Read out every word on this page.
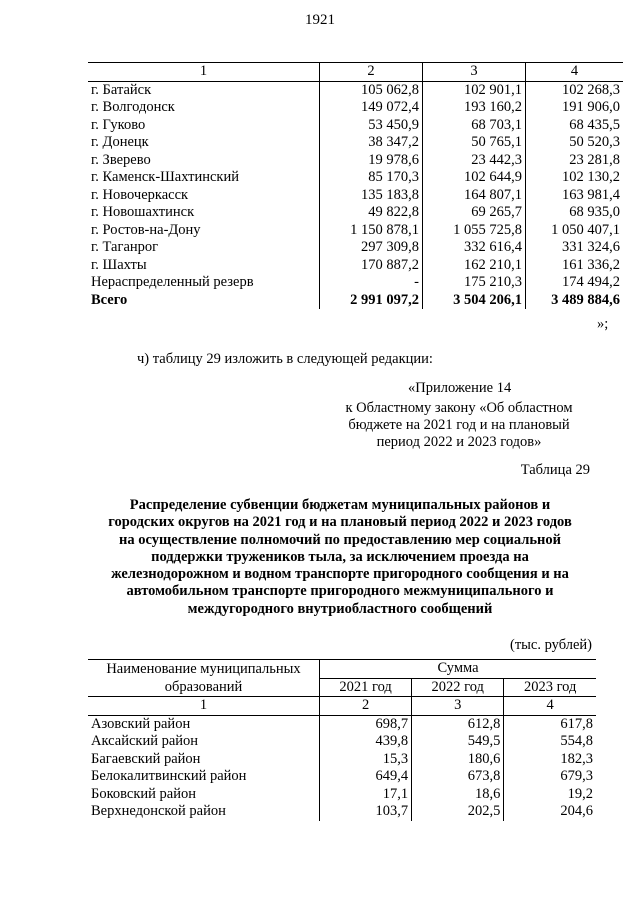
1921
1	2	3	4
г. Батайск	105 062,8	102 901,1	102 268,3
г. Волгодонск	149 072,4	193 160,2	191 906,0
г. Гуково	53 450,9	68 703,1	68 435,5
г. Донецк	38 347,2	50 765,1	50 520,3
г. Зверево	19 978,6	23 442,3	23 281,8
г. Каменск-Шахтинский	85 170,3	102 644,9	102 130,2
г. Новочеркасск	135 183,8	164 807,1	163 981,4
г. Новошахтинск	49 822,8	69 265,7	68 935,0
г. Ростов-на-Дону	1 150 878,1	1 055 725,8	1 050 407,1
г. Таганрог	297 309,8	332 616,4	331 324,6
г. Шахты	170 887,2	162 210,1	161 336,2
Нераспределенный резерв	-	175 210,3	174 494,2
Всего	2 991 097,2	3 504 206,1	3 489 884,6
»;
ч) таблицу 29 изложить в следующей редакции:
«Приложение 14
к Областному закону «Об областном
бюджете на 2021 год и на плановый
период 2022 и 2023 годов»
Таблица 29
Распределение субвенции бюджетам муниципальных районов и
городских округов на 2021 год и на плановый период 2022 и 2023 годов
на осуществление полномочий по предоставлению мер социальной
поддержки тружеников тыла, за исключением проезда на
железнодорожном и водном транспорте пригородного сообщения и на
автомобильном транспорте пригородного межмуниципального и
междугородного внутриобластного сообщений
(тыс. рублей)
Наименование муниципальных
образований	Сумма		
	2021 год	2022 год	2023 год
1	2	3	4
Азовский район	698,7	612,8	617,8
Аксайский район	439,8	549,5	554,8
Багаевский район	15,3	180,6	182,3
Белокалитвинский район	649,4	673,8	679,3
Боковский район	17,1	18,6	19,2
Верхнедонской район	103,7	202,5	204,6
